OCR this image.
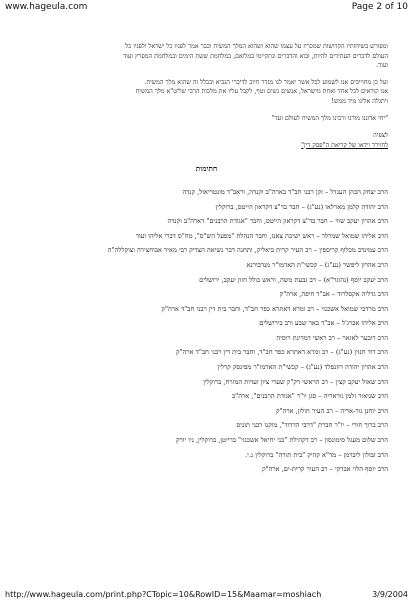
www.hageula.com	Page 2 of 10
ומפורש בשיחותיו הקדושות שמכריז על עצמו שהוא ושהוא המלך המשיח וכבר אמר לפניו כל ישראל ולפניו כל
העולם לדברים העתידים להיות, ובוא והדברים ונתקיימו במלואם, במלחמת ששת הימים ובמלחמת המפרץ ועוד
ועוד.
ועל כן מחוייבים אנו לשמוע לכל אשר יאמר לנו מגדר חיוב לדיברי הנביא ובכלל זה שהוא מלך המשיח.
אנו קוראים לכל אחד ואחת מישראל, אנשים נשים וטף, לקבל עליו את מלכות הרבי שליט"א מלך המשיח
ויתגלה אלינו מיד ממש!
"יחי אדוננו מורנו ורבינו מלך המשיח לעולם ועד"
לצפיה
לחוירד וידאו של קריאת ה"פסק דין"
חתימות
הרב יצחק הכהן העגדל – זקן רבני חב"ד בארה"ב וקנדה, וראב"ד מונטריאול, קנדה
הרב יהודה קלמן מארלאו (נע"ג) – חבר בד"צ דקראון הייטס, ברוקלין
הרב אהרון יעקב שווי – חבר בד"צ דקראון הייטס, וחבר "אגודת הרבנים" דארה"ב וקנדה
הרב אליהו שמואל שמרלר – ראש ישיבת צאנז, וחבר הנהלת "מפעל הש"ס", מח"ס דברי אליהו ועוד
הרב עמינדב מכלוף קריספין – רב העיר קרית ביאליק, ותחנה דבר נשיאה הצדיק רבי מאיר אבוחצירה וצוקללה"ה
הרב אהרון ליפשר (נע"ג) – קכשי"ת האדמו"ר מנדבורנא
הרב יעקב יוסף (נהוגר"א) – רב גבעת משה, וראש כולל חזון יעקב, ירושלים
הרב גדליה אקסלרוד – אב"ד חיפה, ארה"ק
הרב מרדכי שמואל אשכנזי – רב ומרא דאתרא כפר חב"ד, וחבר בית דין רבני חב"ד ארה"ק
הרב אליהו אברג'ל – אב"ד באר שבע ורב בירושלים
הרב דובער לאזאר – רב ראשי דמדינת רוסיה
הרב דוד חנזין (נע"ג) – רב ומרא דאתרא כפר חב"ד, וחבר בית דין רבני חב"ד ארה"ק
הרב אהרון יהודה רוזנפלד (נע"ג) – קכשי"ת האדמו"ר מפינסק קרלין
הרב שאול יעקב קצין – רב הראשי דק"ק שערי ציון ועדות המזרח, ברוקלין
הרב שניאור זלמן גוראריה – סגן יו"ר "אגודת הרבנים", ארה"ב
הרב יוחנן גור-אריה – רב העיר חולון, ארה"ק
הרב ברוך חורי – יו"ר חברת "דרבי הדדוד", מוקנו רבני תוניס
הרב שלום מעגל סימונסון – רב דקהילת "בני יחיאל אשכנזי" ברייטן, ברוקלין, ניו יורק
הרב זבולון ליברמן – מד"א קהיק "בית תורה" ברוקלין נ.י.
הרב יוסף הלוי אברקי – רב העיר קרית-ים, ארה"ק
http://www.hageula.com/print.php?CTopic=10&RowID=15&Maamar=moshiach	3/9/2004
